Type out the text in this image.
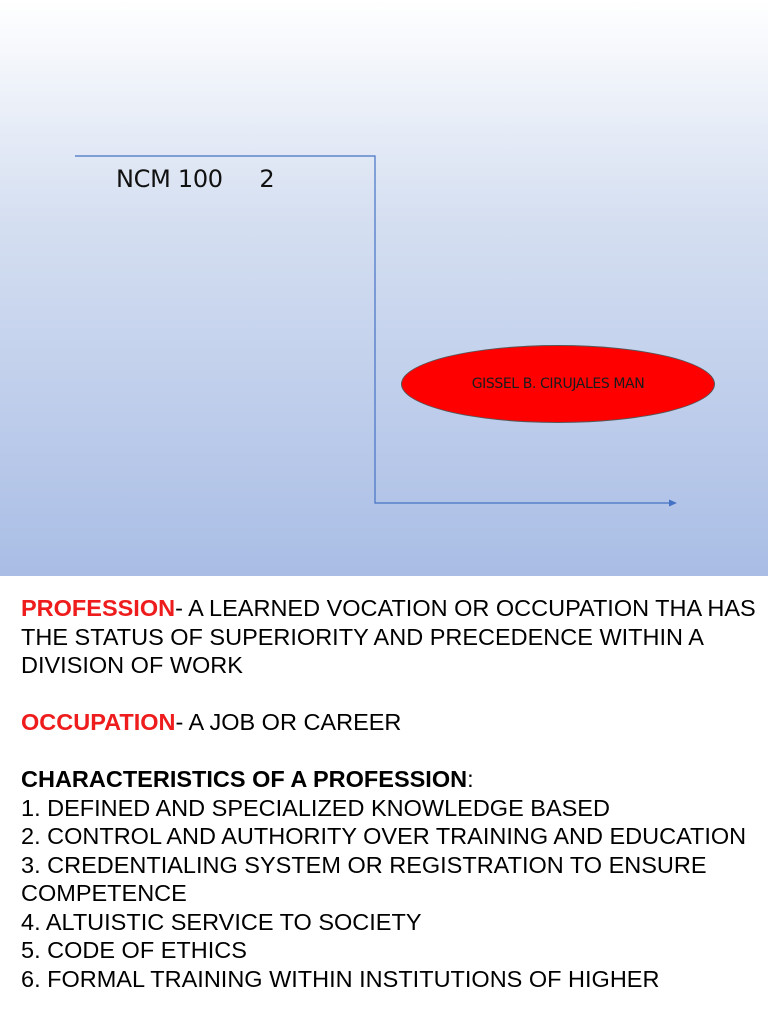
NCM 100     2
GISSEL B. CIRUJALES MAN

PROFESSION- A LEARNED VOCATION OR OCCUPATION THA HAS THE STATUS OF SUPERIORITY AND PRECEDENCE WITHIN A DIVISION OF WORK

OCCUPATION- A JOB OR CAREER

CHARACTERISTICS OF A PROFESSION:

1. DEFINED AND SPECIALIZED KNOWLEDGE BASED

2. CONTROL AND AUTHORITY OVER TRAINING AND EDUCATION

3. CREDENTIALING SYSTEM OR REGISTRATION TO ENSURE COMPETENCE

4. ALTUISTIC SERVICE TO SOCIETY

5. CODE OF ETHICS

6. FORMAL TRAINING WITHIN INSTITUTIONS OF HIGHER
